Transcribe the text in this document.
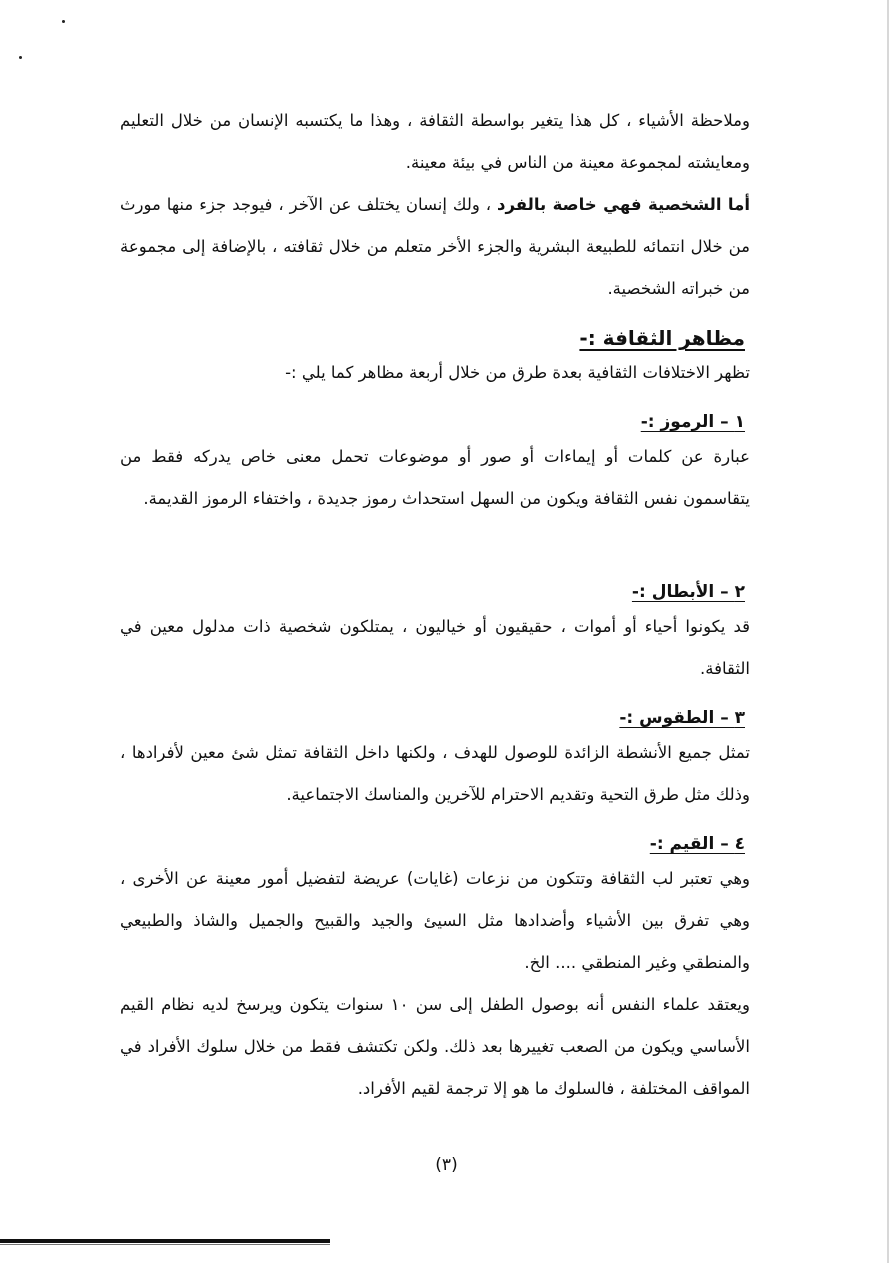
وملاحظة الأشياء ، كل هذا يتغير بواسطة الثقافة ، وهذا ما يكتسبه الإنسان من خلال التعليم ومعايشته لمجموعة معينة من الناس في بيئة معينة.

أما الشخصية فهي خاصة بالفرد ، ولك إنسان يختلف عن الآخر ، فيوجد جزء منها مورث من خلال انتمائه للطبيعة البشرية والجزء الأخر متعلم من خلال ثقافته ، بالإضافة إلى مجموعة من خبراته الشخصية.

مظاهر الثقافة :-

تظهر الاختلافات الثقافية بعدة طرق من خلال أربعة مظاهر كما يلي :-

١ – الرموز :-

عبارة عن كلمات أو إيماءات أو صور أو موضوعات تحمل معنى خاص يدركه فقط من يتقاسمون نفس الثقافة ويكون من السهل استحداث رموز جديدة ، واختفاء الرموز القديمة.

٢ – الأبطال :-

قد يكونوا أحياء أو أموات ، حقيقيون أو خياليون ، يمتلكون شخصية ذات مدلول معين في الثقافة.

٣ – الطقوس :-

تمثل جميع الأنشطة الزائدة للوصول للهدف ، ولكنها داخل الثقافة تمثل شئ معين لأفرادها ، وذلك مثل طرق التحية وتقديم الاحترام للآخرين والمناسك الاجتماعية.

٤ – القيم :-

وهي تعتبر لب الثقافة وتتكون من نزعات (غايات) عريضة لتفضيل أمور معينة عن الأخرى ، وهي تفرق بين الأشياء وأضدادها مثل السيئ والجيد والقبيح والجميل والشاذ والطبيعي والمنطقي وغير المنطقي .... الخ.

ويعتقد علماء النفس أنه بوصول الطفل إلى سن ١٠ سنوات يتكون ويرسخ لديه نظام القيم الأساسي ويكون من الصعب تغييرها بعد ذلك. ولكن تكتشف فقط من خلال سلوك الأفراد في المواقف المختلفة ، فالسلوك ما هو إلا ترجمة لقيم الأفراد.

(٣)
